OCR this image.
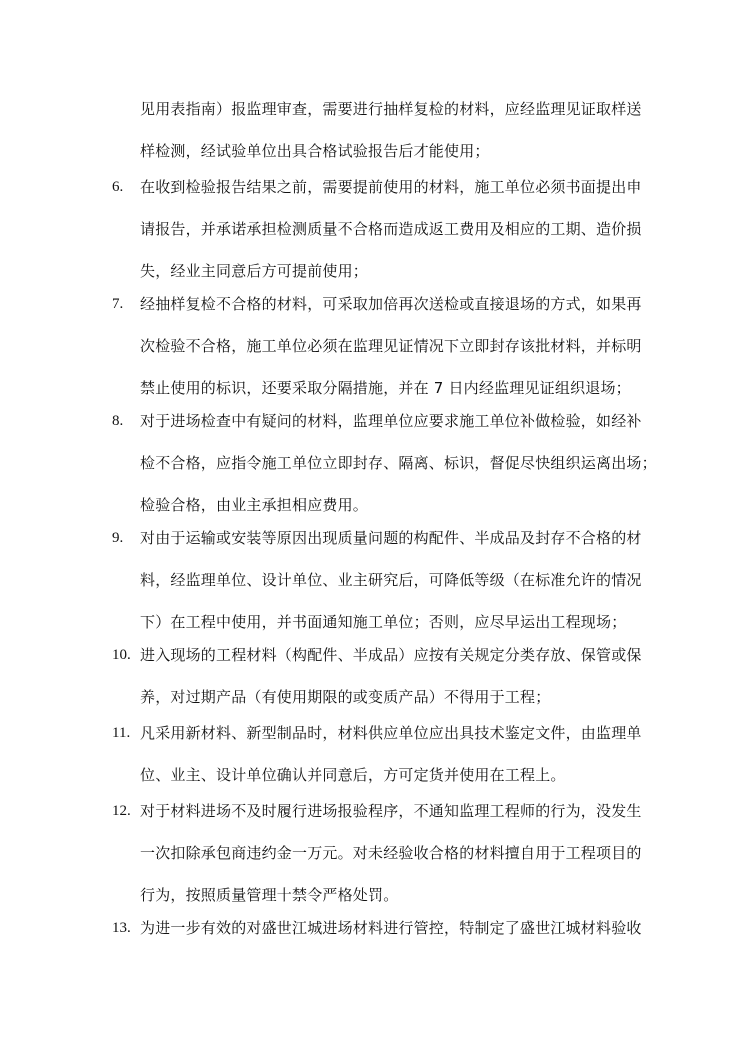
见用表指南）报监理审查，需要进行抽样复检的材料，应经监理见证取样送
样检测，经试验单位出具合格试验报告后才能使用；
6. 在收到检验报告结果之前，需要提前使用的材料，施工单位必须书面提出申
请报告，并承诺承担检测质量不合格而造成返工费用及相应的工期、造价损
失，经业主同意后方可提前使用；
7. 经抽样复检不合格的材料，可采取加倍再次送检或直接退场的方式，如果再
次检验不合格，施工单位必须在监理见证情况下立即封存该批材料，并标明
禁止使用的标识，还要采取分隔措施，并在 7 日内经监理见证组织退场；
8. 对于进场检查中有疑问的材料，监理单位应要求施工单位补做检验，如经补
检不合格，应指令施工单位立即封存、隔离、标识，督促尽快组织运离出场；
检验合格，由业主承担相应费用。
9. 对由于运输或安装等原因出现质量问题的构配件、半成品及封存不合格的材
料，经监理单位、设计单位、业主研究后，可降低等级（在标准允许的情况
下）在工程中使用，并书面通知施工单位；否则，应尽早运出工程现场；
10. 进入现场的工程材料（构配件、半成品）应按有关规定分类存放、保管或保
养，对过期产品（有使用期限的或变质产品）不得用于工程；
11. 凡采用新材料、新型制品时，材料供应单位应出具技术鉴定文件，由监理单
位、业主、设计单位确认并同意后，方可定货并使用在工程上。
12. 对于材料进场不及时履行进场报验程序，不通知监理工程师的行为，没发生
一次扣除承包商违约金一万元。对未经验收合格的材料擅自用于工程项目的
行为，按照质量管理十禁令严格处罚。
13. 为进一步有效的对盛世江城进场材料进行管控，特制定了盛世江城材料验收
